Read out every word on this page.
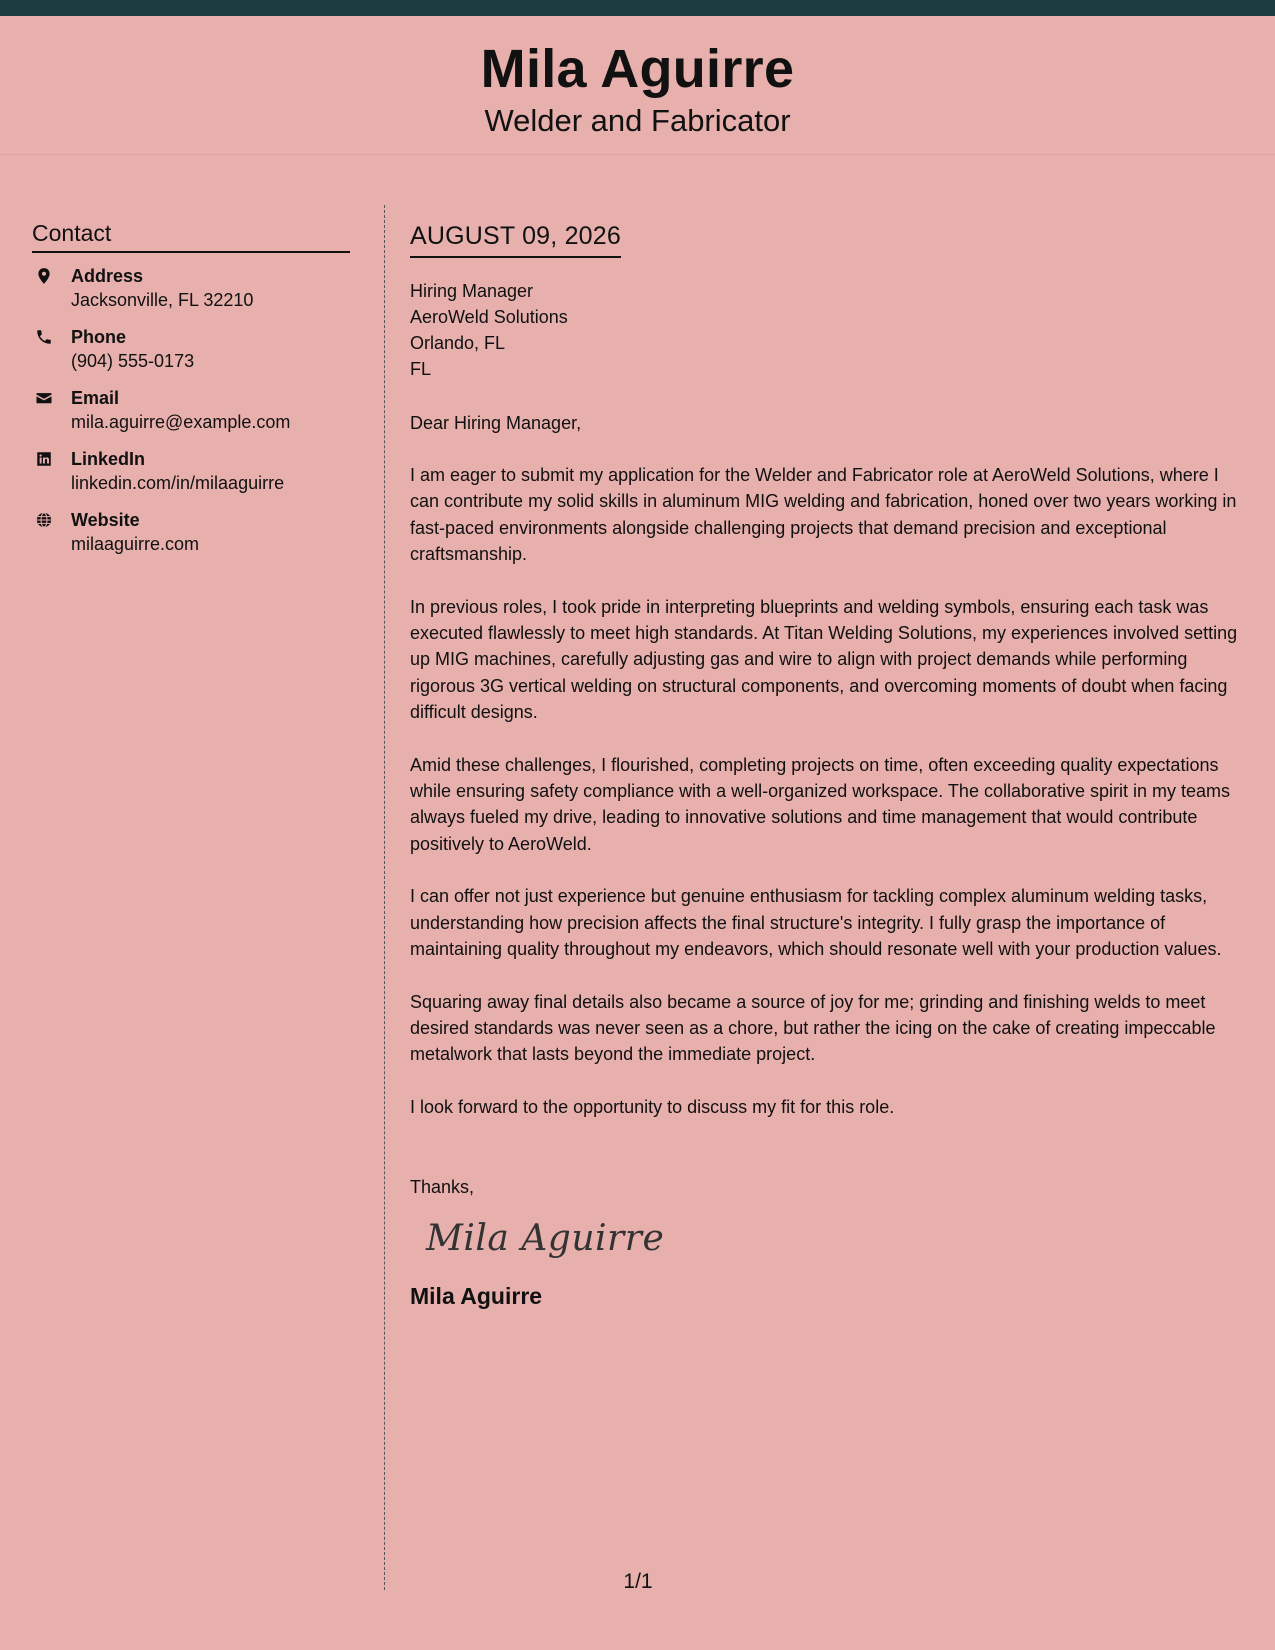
Mila Aguirre
Welder and Fabricator
Contact
Address
Jacksonville, FL 32210
Phone
(904) 555-0173
Email
mila.aguirre@example.com
LinkedIn
linkedin.com/in/milaaguirre
Website
milaaguirre.com
AUGUST 09, 2026
Hiring Manager
AeroWeld Solutions
Orlando, FL
FL
Dear Hiring Manager,

I am eager to submit my application for the Welder and Fabricator role at AeroWeld Solutions, where I can contribute my solid skills in aluminum MIG welding and fabrication, honed over two years working in fast-paced environments alongside challenging projects that demand precision and exceptional craftsmanship.

In previous roles, I took pride in interpreting blueprints and welding symbols, ensuring each task was executed flawlessly to meet high standards. At Titan Welding Solutions, my experiences involved setting up MIG machines, carefully adjusting gas and wire to align with project demands while performing rigorous 3G vertical welding on structural components, and overcoming moments of doubt when facing difficult designs.

Amid these challenges, I flourished, completing projects on time, often exceeding quality expectations while ensuring safety compliance with a well-organized workspace. The collaborative spirit in my teams always fueled my drive, leading to innovative solutions and time management that would contribute positively to AeroWeld.

I can offer not just experience but genuine enthusiasm for tackling complex aluminum welding tasks, understanding how precision affects the final structure's integrity. I fully grasp the importance of maintaining quality throughout my endeavors, which should resonate well with your production values.

Squaring away final details also became a source of joy for me; grinding and finishing welds to meet desired standards was never seen as a chore, but rather the icing on the cake of creating impeccable metalwork that lasts beyond the immediate project.

I look forward to the opportunity to discuss my fit for this role.

Thanks,
Mila Aguirre
Mila Aguirre
1/1
